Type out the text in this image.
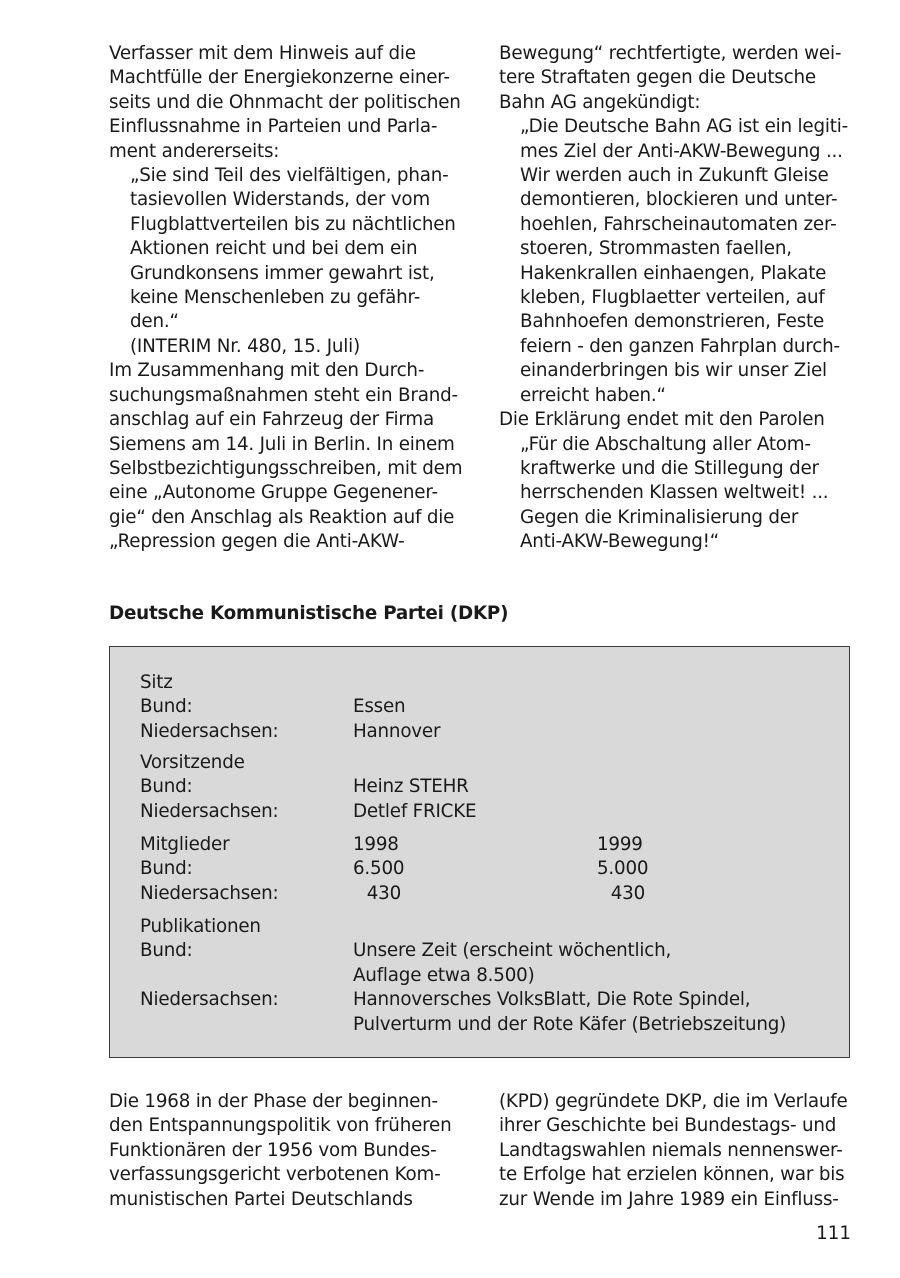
Verfasser mit dem Hinweis auf die
Machtfülle der Energiekonzerne einer-
seits und die Ohnmacht der politischen
Einflussnahme in Parteien und Parla-
ment andererseits:
„Sie sind Teil des vielfältigen, phan-
tasievollen Widerstands, der vom
Flugblattverteilen bis zu nächtlichen
Aktionen reicht und bei dem ein
Grundkonsens immer gewahrt ist,
keine Menschenleben zu gefähr-
den.“
(INTERIM Nr. 480, 15. Juli)
Im Zusammenhang mit den Durch-
suchungsmaßnahmen steht ein Brand-
anschlag auf ein Fahrzeug der Firma
Siemens am 14. Juli in Berlin. In einem
Selbstbezichtigungsschreiben, mit dem
eine „Autonome Gruppe Gegenener-
gie“ den Anschlag als Reaktion auf die
„Repression gegen die Anti-AKW-
Bewegung“ rechtfertigte, werden wei-
tere Straftaten gegen die Deutsche
Bahn AG angekündigt:
„Die Deutsche Bahn AG ist ein legiti-
mes Ziel der Anti-AKW-Bewegung ...
Wir werden auch in Zukunft Gleise
demontieren, blockieren und unter-
hoehlen, Fahrscheinautomaten zer-
stoeren, Strommasten faellen,
Hakenkrallen einhaengen, Plakate
kleben, Flugblaetter verteilen, auf
Bahnhoefen demonstrieren, Feste
feiern - den ganzen Fahrplan durch-
einanderbringen bis wir unser Ziel
erreicht haben.“
Die Erklärung endet mit den Parolen
„Für die Abschaltung aller Atom-
kraftwerke und die Stillegung der
herrschenden Klassen weltweit! ...
Gegen die Kriminalisierung der
Anti-AKW-Bewegung!“
Deutsche Kommunistische Partei (DKP)
Sitz
Bund:	Essen
Niedersachsen:	Hannover
Vorsitzende
Bund:	Heinz STEHR
Niedersachsen:	Detlef FRICKE
Mitglieder	1998	1999
Bund:	6.500	5.000
Niedersachsen:	430	430
Publikationen
Bund:	Unsere Zeit (erscheint wöchentlich,
Auflage etwa 8.500)
Niedersachsen:	Hannoversches VolksBlatt, Die Rote Spindel,
Pulverturm und der Rote Käfer (Betriebszeitung)
Die 1968 in der Phase der beginnen-
den Entspannungspolitik von früheren
Funktionären der 1956 vom Bundes-
verfassungsgericht verbotenen Kom-
munistischen Partei Deutschlands
(KPD) gegründete DKP, die im Verlaufe
ihrer Geschichte bei Bundestags- und
Landtagswahlen niemals nennenswer-
te Erfolge hat erzielen können, war bis
zur Wende im Jahre 1989 ein Einfluss-
111
